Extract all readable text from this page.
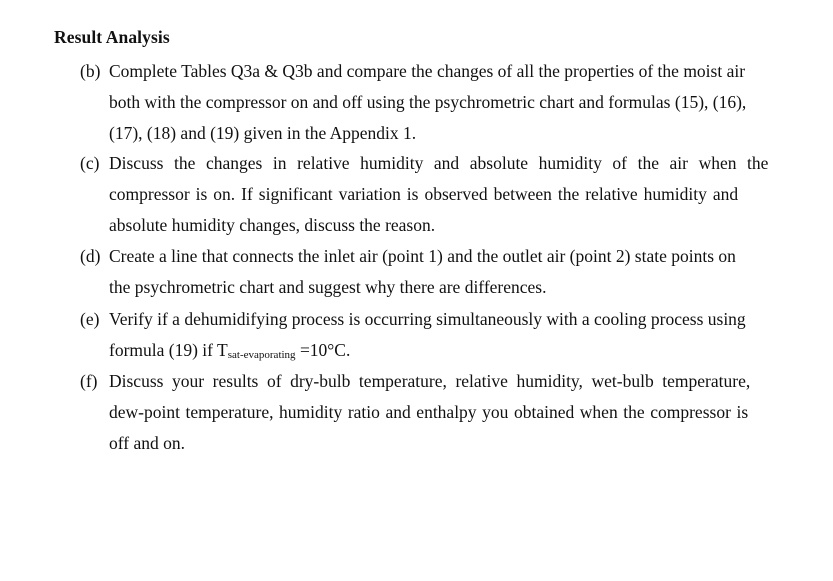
Result Analysis
(b) Complete Tables Q3a & Q3b and compare the changes of all the properties of the moist air
both with the compressor on and off using the psychrometric chart and formulas (15), (16),
(17), (18) and (19) given in the Appendix 1.
(c) Discuss the changes in relative humidity and absolute humidity of the air when the
compressor is on. If significant variation is observed between the relative humidity and
absolute humidity changes, discuss the reason.
(d) Create a line that connects the inlet air (point 1) and the outlet air (point 2) state points on
the psychrometric chart and suggest why there are differences.
(e) Verify if a dehumidifying process is occurring simultaneously with a cooling process using
formula (19) if Tsat-evaporating =10°C.
(f) Discuss your results of dry-bulb temperature, relative humidity, wet-bulb temperature,
dew-point temperature, humidity ratio and enthalpy you obtained when the compressor is
off and on.
